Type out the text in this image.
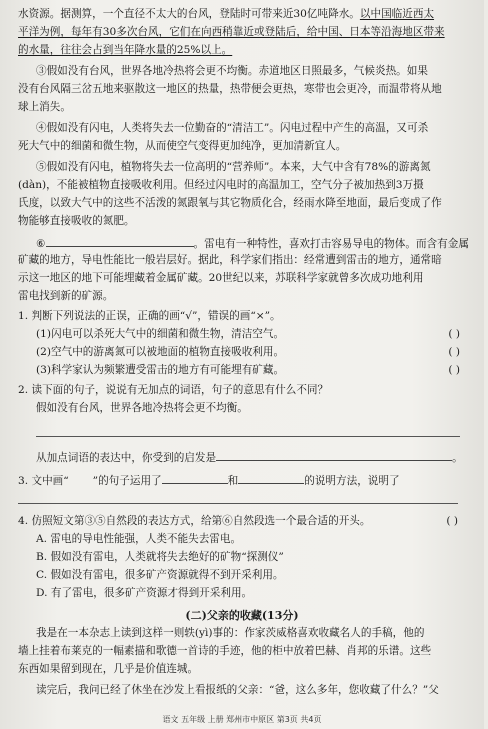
水资源。据测算，一个直径不太大的台风，登陆时可带来近30亿吨降水。以中国临近西太
平洋为例，每年有30多次台风，它们在向西稍靠近或登陆后，给中国、日本等沿海地区带来
的水量，往往会占到当年降水量的25%以上。
③假如没有台风，世界各地冷热将会更不均衡。赤道地区日照最多，气候炎热。如果
没有台风隔三岔五地来驱散这一地区的热量，热带便会更热，寒带也会更冷，而温带将从地
球上消失。
④假如没有闪电，人类将失去一位勤奋的“清洁工”。闪电过程中产生的高温，又可杀
死大气中的细菌和微生物，从而使空气变得更加纯净，更加清新宜人。
⑤假如没有闪电，植物将失去一位高明的“营养师”。本来，大气中含有78%的游离氮
(dàn)，不能被植物直接吸收利用。但经过闪电时的高温加工，空气分子被加热到3万摄
氏度，以致大气中的这些不活泼的氮跟氧与其它物质化合，经雨水降至地面，最后变成了作
物能够直接吸收的氮肥。
⑥	。雷电有一种特性，喜欢打击容易导电的物体。而含有金属
矿藏的地方，导电性能比一般岩层好。据此，科学家们指出：经常遭到雷击的地方，通常暗
示这一地区的地下可能埋藏着金属矿藏。20世纪以来，苏联科学家就曾多次成功地利用
雷电找到新的矿源。
1. 判断下列说法的正误，正确的画“√”，错误的画“×”。
(1)闪电可以杀死大气中的细菌和微生物，清洁空气。	( )
(2)空气中的游离氮可以被地面的植物直接吸收利用。	( )
(3)科学家认为频繁遭受雷击的地方有可能埋有矿藏。	( )
2. 读下面的句子，说说有无加点的词语，句子的意思有什么不同？
假如没有台风，世界各地冷热将会更不均衡。
从加点词语的表达中，你受到的启发是	。
3. 文中画“ ”的句子运用了	和	的说明方法，说明了
4. 仿照短文第③⑤自然段的表达方式，给第⑥自然段选一个最合适的开头。	( )
A. 雷电的导电性能强，人类不能失去雷电。
B. 假如没有雷电，人类就将失去绝好的矿物“探测仪”
C. 假如没有雷电，很多矿产资源就得不到开采利用。
D. 有了雷电，很多矿产资源才得到开采利用。
(二)父亲的收藏(13分)
我是在一本杂志上读到这样一则轶(yì)事的：作家茨威格喜欢收藏名人的手稿，他的
墙上挂着布莱克的一幅素描和歌德一首诗的手迹，他的柜中放着巴赫、肖邦的乐谱。这些
东西如果留到现在，几乎是价值连城。
读完后，我问已经了休坐在沙发上看报纸的父亲：“爸，这么多年，您收藏了什么？”父
语文 五年级 上册 郑州市中原区 第3页 共4页
